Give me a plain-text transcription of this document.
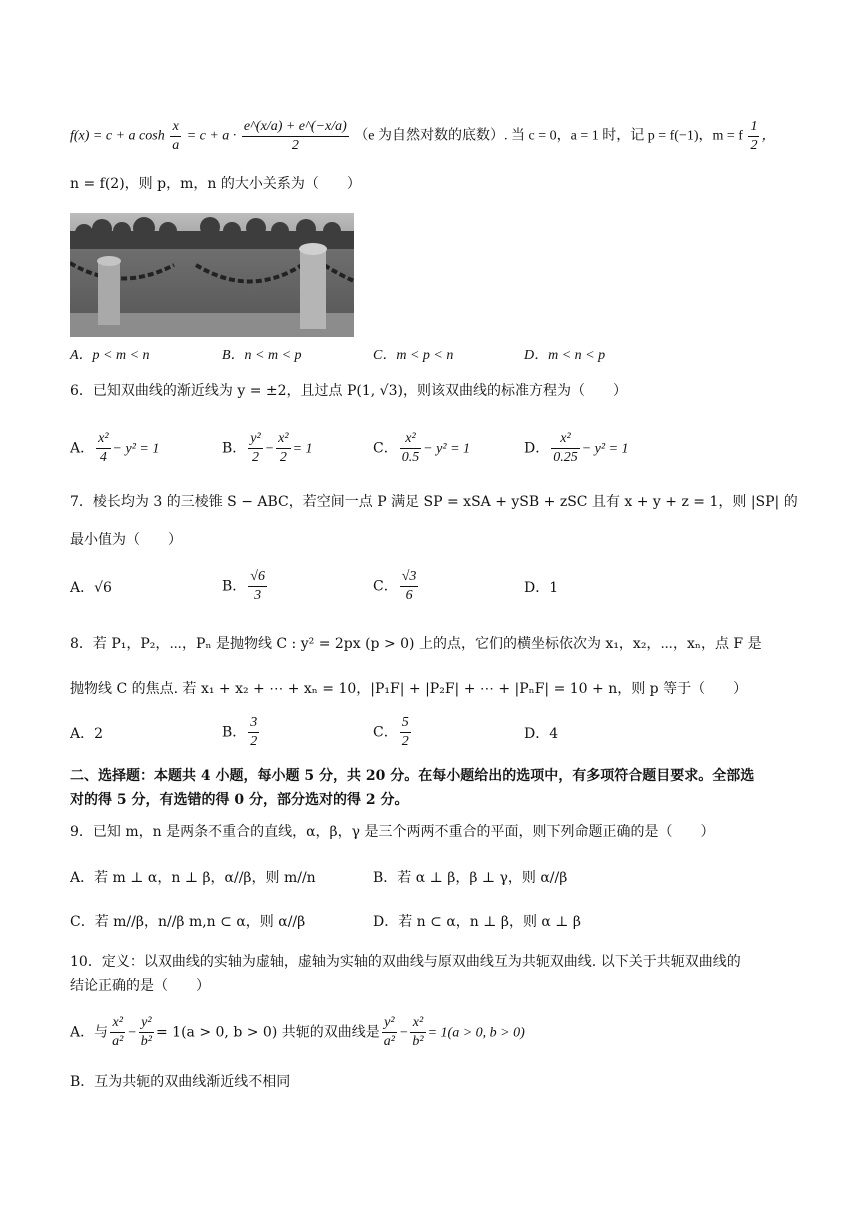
f(x) = c + a $\cosh \frac{x}{a} = c + a \cdot \frac{e\^{}(x/a) + e\^{}(-x/a)}{2} (e$ 为自然对数的底数）. 当 c = 0，a = 1 时，记 p = f(−1)，m = f $\frac{1}{2}$ ，
n = f(2)，则 p，m，n 的大小关系为（　　）
A．p < m < n	B．n < m < p	C．m < p < n	D．m < n < p
6．已知双曲线的渐近线为 y = ±2，且过点 P(1, √3)，则该双曲线的标准方程为（　　）
A． $\frac{\text{x²}}{4} - y^2 = 1$	B． $\frac{\text{y²}}{2} - \frac{\text{x²}}{2} = 1$	C． $\frac{\text{x²}}{0.5} - y^2 = 1$	D． $\frac{\text{x²}}{0.25} - y^2 = 1$
7．棱长均为 3 的三棱锥 S − ABC，若空间一点 P 满足 SP = xSA + ySB + zSC 且有 x + y + z = 1，则 |SP| 的
最小值为（　　）
A．√6	B． $\frac{√6}{3}$	C． $\frac{√3}{6}$	D．1
8．若 P₁，P₂，⋯，Pₙ 是抛物线 C : y² = 2px (p > 0) 上的点，它们的横坐标依次为 x₁，x₂，⋯，xₙ，点 F 是
抛物线 C 的焦点. 若 x₁ + x₂ + ⋯ + xₙ = 10，|P₁F| + |P₂F| + ⋯ + |PₙF| = 10 + n，则 p 等于（　　）
A．2	B． $\frac{3}{2}$	C． $\frac{5}{2}$	D．4
二、选择题：本题共 4 小题，每小题 5 分，共 20 分。在每小题给出的选项中，有多项符合题目要求。全部选
对的得 5 分，有选错的得 0 分，部分选对的得 2 分。
9．已知 m，n 是两条不重合的直线，α，β，γ 是三个两两不重合的平面，则下列命题正确的是（　　）
A．若 m ⊥ α，n ⊥ β，α//β，则 m//n	B．若 α ⊥ β，β ⊥ γ，则 α//β
C．若 m//β，n//β m,n ⊂ α，则 α//β	D．若 n ⊂ α，n ⊥ β，则 α ⊥ β
10．定义：以双曲线的实轴为虚轴，虚轴为实轴的双曲线与原双曲线互为共轭双曲线. 以下关于共轭双曲线的
结论正确的是（　　）
A．与 $\frac{\text{x²}}{\text{a²}} - \frac{\text{y²}}{\text{b²}} = 1(a > 0$, b > 0) 共轭的双曲线是 $\frac{\text{y²}}{\text{a²}} - \frac{\text{x²}}{\text{b²}} = 1(a > 0$, b > 0)
B．互为共轭的双曲线渐近线不相同
